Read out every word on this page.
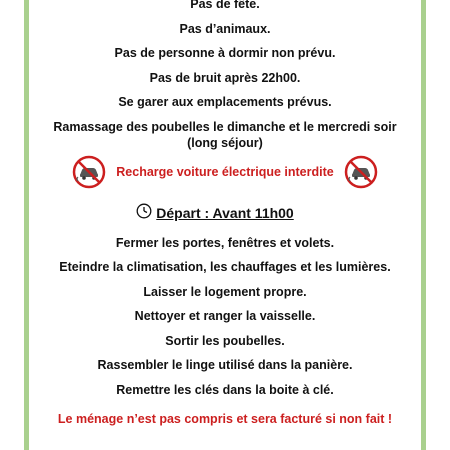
Pas de fête.
Pas d’animaux.
Pas de personne à dormir non prévu.
Pas de bruit après 22h00.
Se garer aux emplacements prévus.
Ramassage des poubelles le dimanche et le mercredi soir
(long séjour)
Recharge voiture électrique interdite
Départ : Avant 11h00
Fermer les portes, fenêtres et volets.
Eteindre la climatisation, les chauffages et les lumières.
Laisser le logement propre.
Nettoyer et ranger la vaisselle.
Sortir les poubelles.
Rassembler le linge utilisé dans la panière.
Remettre les clés dans la boite à clé.
Le ménage n’est pas compris et sera facturé si non fait !
